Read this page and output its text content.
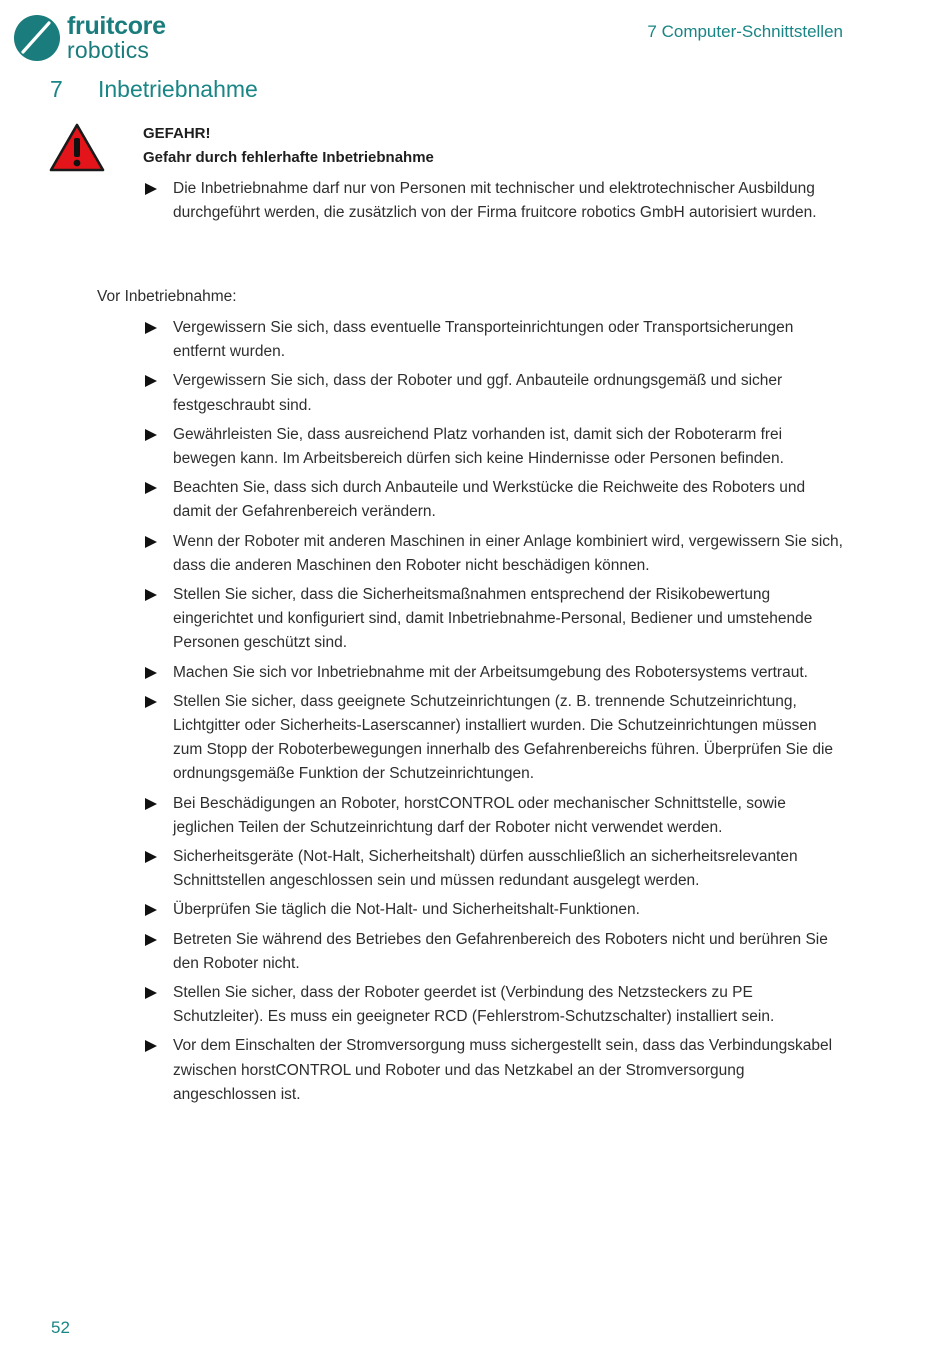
fruitcore
robotics
7 Computer-Schnittstellen
7 Inbetriebnahme
GEFAHR!
Gefahr durch fehlerhafte Inbetriebnahme
Die Inbetriebnahme darf nur von Personen mit technischer und elektrotechnischer Ausbildung durchgeführt werden, die zusätzlich von der Firma fruitcore robotics GmbH autorisiert wurden.
Vor Inbetriebnahme:
Vergewissern Sie sich, dass eventuelle Transporteinrichtungen oder Transportsicherungen entfernt wurden.
Vergewissern Sie sich, dass der Roboter und ggf. Anbauteile ordnungsgemäß und sicher festgeschraubt sind.
Gewährleisten Sie, dass ausreichend Platz vorhanden ist, damit sich der Roboterarm frei bewegen kann. Im Arbeitsbereich dürfen sich keine Hindernisse oder Personen befinden.
Beachten Sie, dass sich durch Anbauteile und Werkstücke die Reichweite des Roboters und damit der Gefahrenbereich verändern.
Wenn der Roboter mit anderen Maschinen in einer Anlage kombiniert wird, vergewissern Sie sich, dass die anderen Maschinen den Roboter nicht beschädigen können.
Stellen Sie sicher, dass die Sicherheitsmaßnahmen entsprechend der Risikobewertung eingerichtet und konfiguriert sind, damit Inbetriebnahme-Personal, Bediener und umstehende Personen geschützt sind.
Machen Sie sich vor Inbetriebnahme mit der Arbeitsumgebung des Robotersystems vertraut.
Stellen Sie sicher, dass geeignete Schutzeinrichtungen (z. B. trennende Schutzeinrichtung, Lichtgitter oder Sicherheits-Laserscanner) installiert wurden. Die Schutzeinrichtungen müssen zum Stopp der Roboterbewegungen innerhalb des Gefahrenbereichs führen. Überprüfen Sie die ordnungsgemäße Funktion der Schutzeinrichtungen.
Bei Beschädigungen an Roboter, horstCONTROL oder mechanischer Schnittstelle, sowie jeglichen Teilen der Schutzeinrichtung darf der Roboter nicht verwendet werden.
Sicherheitsgeräte (Not-Halt, Sicherheitshalt) dürfen ausschließlich an sicherheitsrelevanten Schnittstellen angeschlossen sein und müssen redundant ausgelegt werden.
Überprüfen Sie täglich die Not-Halt- und Sicherheitshalt-Funktionen.
Betreten Sie während des Betriebes den Gefahrenbereich des Roboters nicht und berühren Sie den Roboter nicht.
Stellen Sie sicher, dass der Roboter geerdet ist (Verbindung des Netzsteckers zu PE Schutzleiter). Es muss ein geeigneter RCD (Fehlerstrom-Schutzschalter) installiert sein.
Vor dem Einschalten der Stromversorgung muss sichergestellt sein, dass das Verbindungskabel zwischen horstCONTROL und Roboter und das Netzkabel an der Stromversorgung angeschlossen ist.
52
